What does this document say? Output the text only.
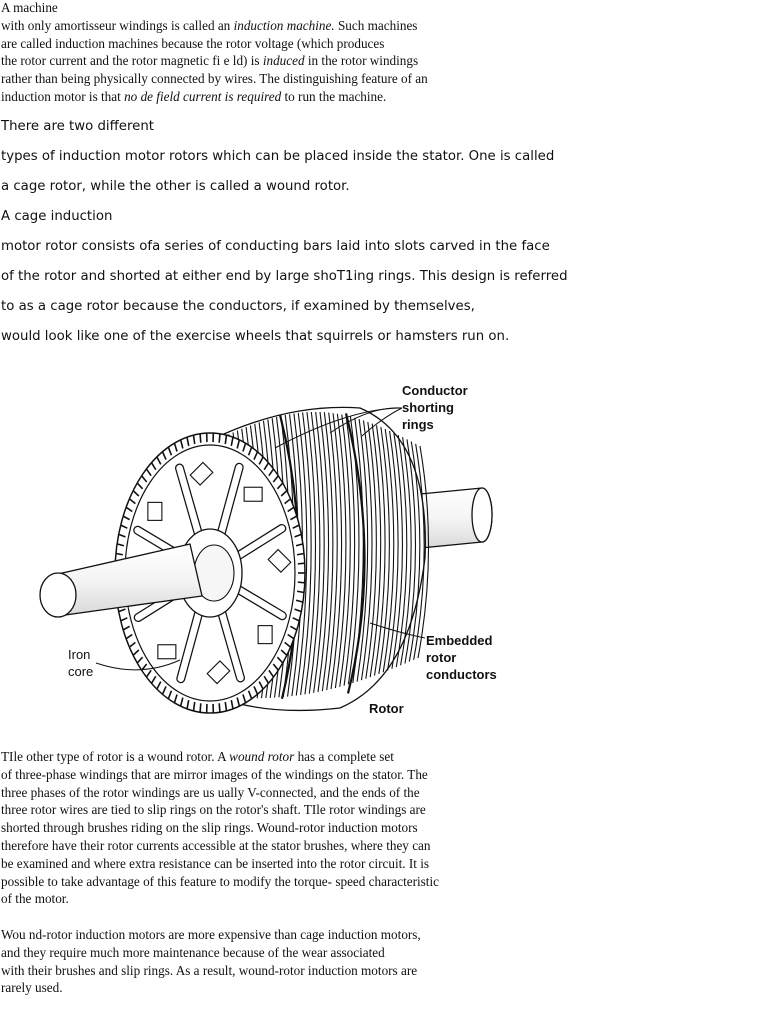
A machine
with only amortisseur windings is called an induction machine. Such machines
are called induction machines because the rotor voltage (which produces
the rotor current and the rotor magnetic fi e ld) is induced in the rotor windings
rather than being physically connected by wires. The distinguishing feature of an
induction motor is that no de field current is required to run the machine.
There are two different
types of induction motor rotors which can be placed inside the stator. One is called
a cage rotor, while the other is called a wound rotor.
A cage induction
motor rotor consists ofa series of conducting bars laid into slots carved in the face
of the rotor and shorted at either end by large shoT1ing rings. This design is referred
to as a cage rotor because the conductors, if examined by themselves,
would look like one of the exercise wheels that squirrels or hamsters run on.
Conductor
shorting
rings
Iron
core
Embedded
rotor
conductors
Rotor
TIle other type of rotor is a wound rotor. A wound rotor has a complete set
of three-phase windings that are mirror images of the windings on the stator. The
three phases of the rotor windings are us ually V-connected, and the ends of the
three rotor wires are tied to slip rings on the rotor's shaft. TIle rotor windings are
shorted through brushes riding on the slip rings. Wound-rotor induction motors
therefore have their rotor currents accessible at the stator brushes, where they can
be examined and where extra resistance can be inserted into the rotor circuit. It is
possible to take advantage of this feature to modify the torque- speed characteristic
of the motor.
Wou nd-rotor induction motors are more expensive than cage induction motors,
and they require much more maintenance because of the wear associated
with their brushes and slip rings. As a result, wound-rotor induction motors are
rarely used.
